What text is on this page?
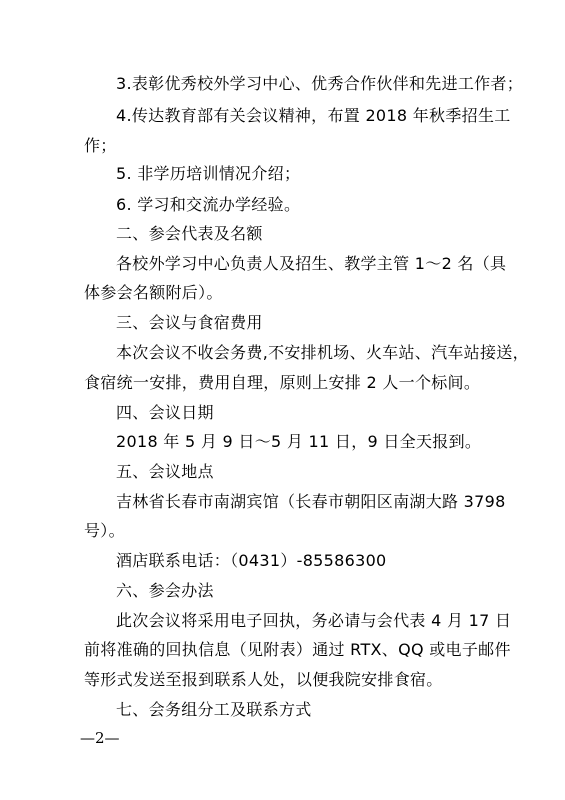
3.表彰优秀校外学习中心、优秀合作伙伴和先进工作者；
4.传达教育部有关会议精神，布置 2018 年秋季招生工
作；
5. 非学历培训情况介绍；
6. 学习和交流办学经验。
二、参会代表及名额
各校外学习中心负责人及招生、教学主管 1～2 名（具
体参会名额附后）。
三、会议与食宿费用
本次会议不收会务费,不安排机场、火车站、汽车站接送，
食宿统一安排，费用自理，原则上安排 2 人一个标间。
四、会议日期
2018 年 5 月 9 日～5 月 11 日，9 日全天报到。
五、会议地点
吉林省长春市南湖宾馆（长春市朝阳区南湖大路 3798
号）。
酒店联系电话：（0431）-85586300
六、参会办法
此次会议将采用电子回执，务必请与会代表 4 月 17 日
前将准确的回执信息（见附表）通过 RTX、QQ 或电子邮件
等形式发送至报到联系人处，以便我院安排食宿。
七、会务组分工及联系方式
—2—
